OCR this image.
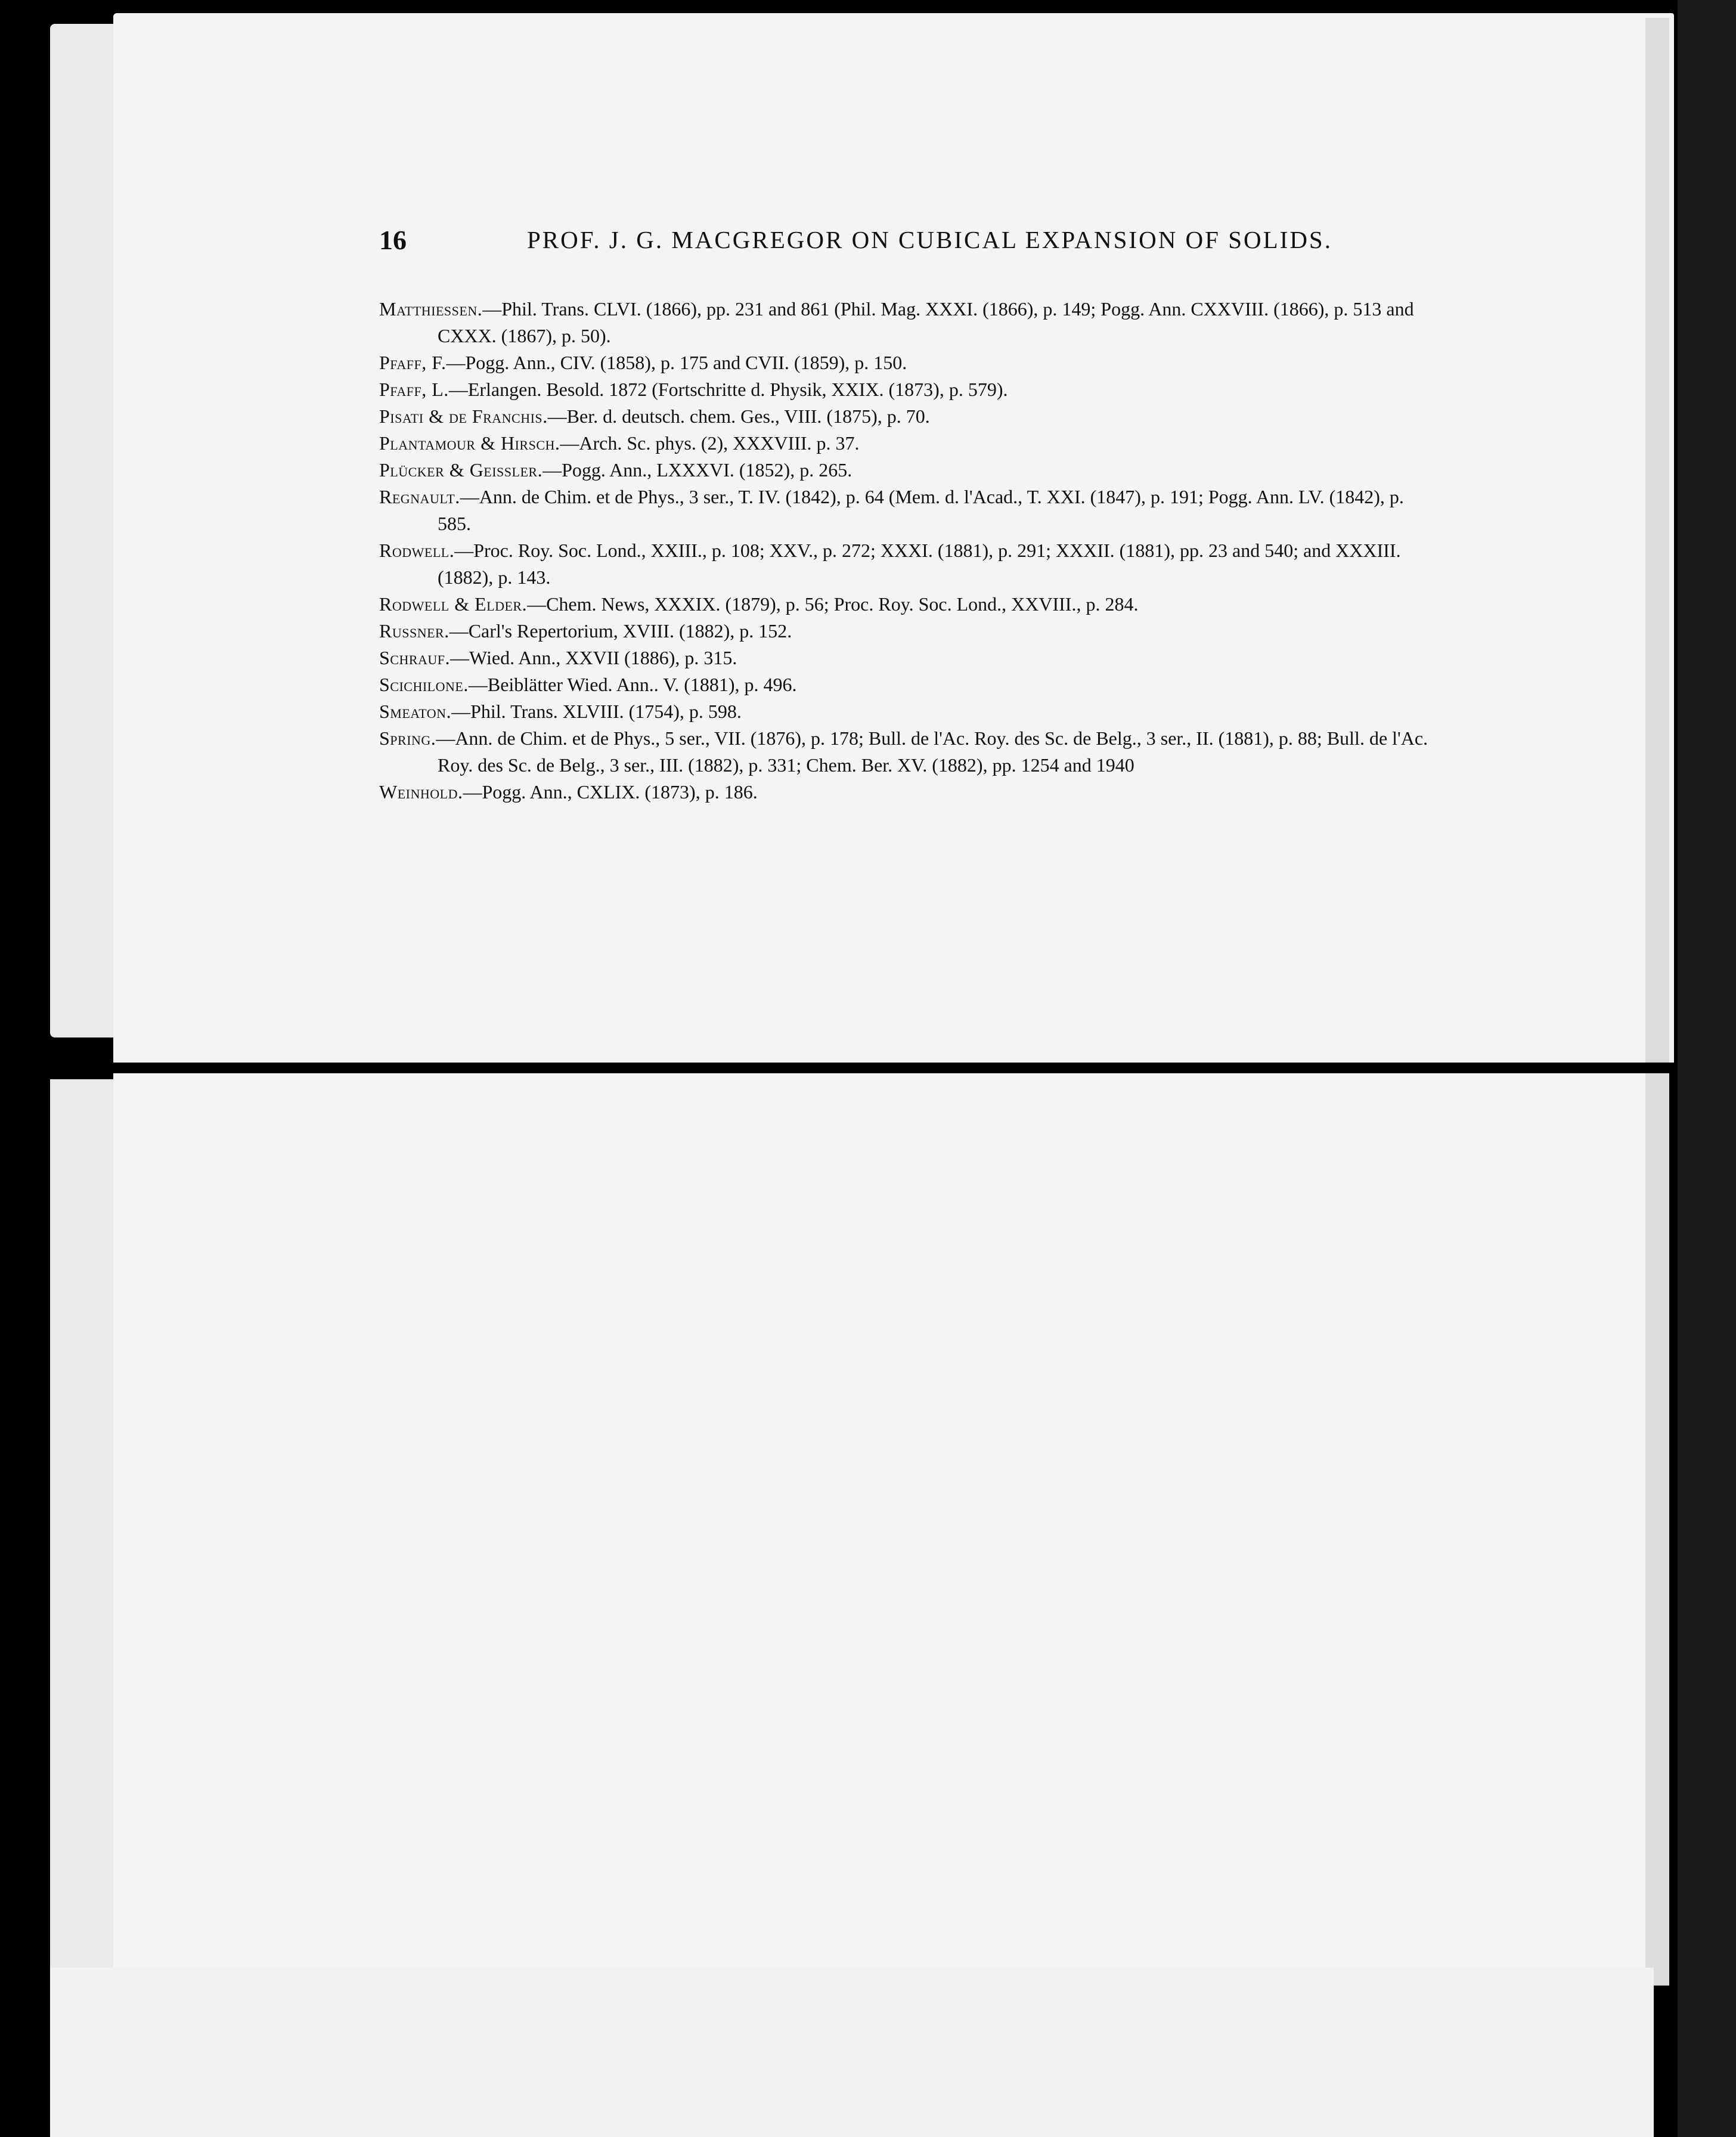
16	PROF. J. G. MACGREGOR ON CUBICAL EXPANSION OF SOLIDS.
Matthiessen.—Phil. Trans. CLVI. (1866), pp. 231 and 861 (Phil. Mag. XXXI. (1866), p. 149; Pogg. Ann. CXXVIII. (1866), p. 513 and CXXX. (1867), p. 50).
Pfaff, F.—Pogg. Ann., CIV. (1858), p. 175 and CVII. (1859), p. 150.
Pfaff, L.—Erlangen. Besold. 1872 (Fortschritte d. Physik, XXIX. (1873), p. 579).
Pisati & de Franchis.—Ber. d. deutsch. chem. Ges., VIII. (1875), p. 70.
Plantamour & Hirsch.—Arch. Sc. phys. (2), XXXVIII. p. 37.
Plücker & Geissler.—Pogg. Ann., LXXXVI. (1852), p. 265.
Regnault.—Ann. de Chim. et de Phys., 3 ser., T. IV. (1842), p. 64 (Mem. d. l'Acad., T. XXI. (1847), p. 191; Pogg. Ann. LV. (1842), p. 585.
Rodwell.—Proc. Roy. Soc. Lond., XXIII., p. 108; XXV., p. 272; XXXI. (1881), p. 291; XXXII. (1881), pp. 23 and 540; and XXXIII. (1882), p. 143.
Rodwell & Elder.—Chem. News, XXXIX. (1879), p. 56; Proc. Roy. Soc. Lond., XXVIII., p. 284.
Russner.—Carl's Repertorium, XVIII. (1882), p. 152.
Schrauf.—Wied. Ann., XXVII (1886), p. 315.
Scichilone.—Beiblätter Wied. Ann.. V. (1881), p. 496.
Smeaton.—Phil. Trans. XLVIII. (1754), p. 598.
Spring.—Ann. de Chim. et de Phys., 5 ser., VII. (1876), p. 178; Bull. de l'Ac. Roy. des Sc. de Belg., 3 ser., II. (1881), p. 88; Bull. de l'Ac. Roy. des Sc. de Belg., 3 ser., III. (1882), p. 331; Chem. Ber. XV. (1882), pp. 1254 and 1940
Weinhold.—Pogg. Ann., CXLIX. (1873), p. 186.
